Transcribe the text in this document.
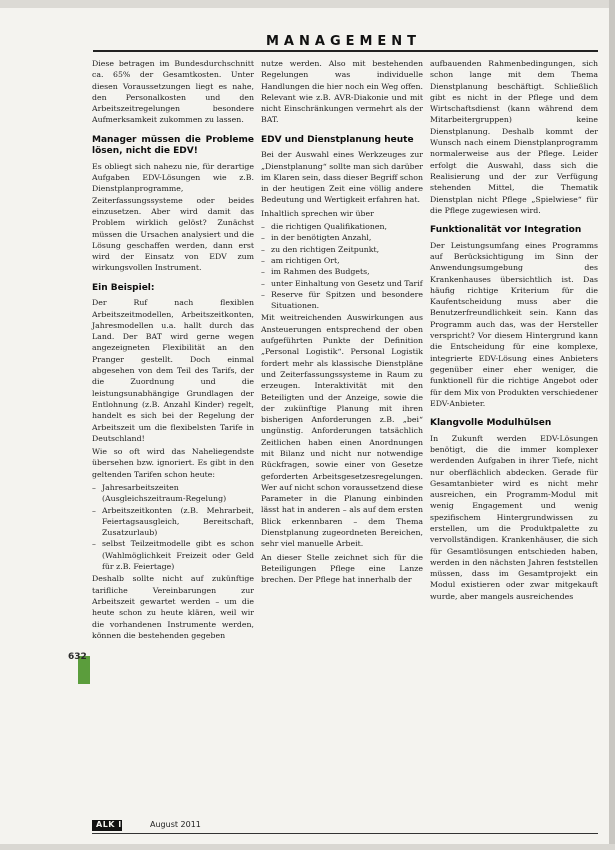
MANAGEMENT

Diese betragen im Bundesdurchschnitt ca. 65% der Gesamtkosten. Unter diesen Voraussetzungen liegt es nahe, den Personalkosten und den Arbeitszeitregelungen besondere Aufmerksamkeit zukommen zu lassen.

Manager müssen die Probleme lösen, nicht die EDV!

Es obliegt sich nahezu nie, für derartige Aufgaben EDV-Lösungen wie z.B. Dienstplanprogramme, Zeiterfassungssysteme oder beides einzusetzen. Aber wird damit das Problem wirklich gelöst? Zunächst müssen die Ursachen analysiert und die Lösung geschaffen werden, dann erst wird der Einsatz von EDV zum wirkungsvollen Instrument.

Ein Beispiel:

Der Ruf nach flexiblen Arbeitszeitmodellen, Arbeitszeitkonten, Jahresmodellen u.a. hallt durch das Land. Der BAT wird gerne wegen angezeigneten Flexibilität an den Pranger gestellt. Doch einmal abgesehen von dem Teil des Tarifs, der die Zuordnung und die leistungsunabhängige Grundlagen der Entlohnung (z.B. Anzahl Kinder) regelt, handelt es sich bei der Regelung der Arbeitszeit um die flexibelsten Tarife in Deutschland!

Wie so oft wird das Naheliegendste übersehen bzw. ignoriert. Es gibt in den geltenden Tarifen schon heute:

– Jahresarbeitszeiten (Ausgleichszeitraum-Regelung)
– Arbeitszeitkonten (z.B. Mehrarbeit, Feiertagsausgleich, Bereitschaft, Zusatzurlaub)
– selbst Teilzeitmodelle gibt es schon (Wahlmöglichkeit Freizeit oder Geld für z.B. Feiertage)

Deshalb sollte nicht auf zukünftige tarifliche Vereinbarungen zur Arbeitszeit gewartet werden – um die heute schon zu heute klären, weil wir die vorhandenen Instrumente werden, können die bestehenden gegeben

nutze werden. Also mit bestehenden Regelungen was individuelle Handlungen die hier noch ein Weg offen. Relevant wie z.B. AVR-Diakonie und mit nicht Einschränkungen vermehrt als der BAT.

EDV und Dienstplanung heute

Bei der Auswahl eines Werkzeuges zur „Dienstplanung“ sollte man sich darüber im Klaren sein, dass dieser Begriff schon in der heutigen Zeit eine völlig andere Bedeutung und Wertigkeit erfahren hat.

Inhaltlich sprechen wir über

– die richtigen Qualifikationen,
– in der benötigten Anzahl,
– zu den richtigen Zeitpunkt,
– am richtigen Ort,
– im Rahmen des Budgets,
– unter Einhaltung von Gesetz und Tarif
– Reserve für Spitzen und besondere Situationen.

Mit weitreichenden Auswirkungen aus Ansteuerungen entsprechend der oben aufgeführten Punkte der Definition „Personal Logistik“. Personal Logistik fordert mehr als klassische Dienstpläne und Zeiterfassungssysteme in Raum zu erzeugen. Interaktivität mit den Beteiligten und der Anzeige, sowie die der zukünftige Planung mit ihren bisherigen Anforderungen z.B. „bei“ ungünstig. Anforderungen tatsächlich Zeitlichen haben einen Anordnungen mit Bilanz und nicht nur notwendige Rückfragen, sowie einer von Gesetze geforderten Arbeitsgesetzesregelungen. Wer auf nicht schon voraussetzend diese Parameter in die Planung einbinden lässt hat in anderen – als auf dem ersten Blick erkennbaren – dem Thema Dienstplanung zugeordneten Bereichen, sehr viel manuelle Arbeit.

An dieser Stelle zeichnet sich für die Beteiligungen Pflege eine Lanze brechen. Der Pflege hat innerhalb der

aufbauenden Rahmenbedingungen, sich schon lange mit dem Thema Dienstplanung beschäftigt. Schließlich gibt es nicht in der Pflege und dem Wirtschaftsdienst (kann während dem Mitarbeitergruppen) keine Dienstplanung. Deshalb kommt der Wunsch nach einem Dienstplanprogramm normalerweise aus der Pflege. Leider erfolgt die Auswahl, dass sich die Realisierung und der zur Verfügung stehenden Mittel, die Thematik Dienstplan nicht Pflege „Spielwiese“ für die Pflege zugewiesen wird.

Funktionalität vor Integration

Der Leistungsumfang eines Programms auf Berücksichtigung im Sinn der Anwendungsumgebung des Krankenhauses übersichtlich ist. Das häufig richtige Kriterium für die Kaufentscheidung muss aber die Benutzerfreundlichkeit sein. Kann das Programm auch das, was der Hersteller verspricht? Vor diesem Hintergrund kann die Entscheidung für eine komplexe, integrierte EDV-Lösung eines Anbieters gegenüber einer eher weniger, die funktionell für die richtige Angebot oder für dem Mix von Produkten verschiedener EDV-Anbieter.

Klangvolle Modulhülsen

In Zukunft werden EDV-Lösungen benötigt, die die immer komplexer werdenden Aufgaben in ihrer Tiefe, nicht nur oberflächlich abdecken. Gerade für Gesamtanbieter wird es nicht mehr ausreichen, ein Programm-Modul mit wenig Engagement und wenig spezifischem Hintergrundwissen zu erstellen, um die Produktpalette zu vervollständigen. Krankenhäuser, die sich für Gesamtlösungen entschieden haben, werden in den nächsten Jahren feststellen müssen, dass im Gesamtprojekt ein Modul existieren oder zwar mitgekauft wurde, aber mangels ausreichendes

632
ALK Info August 2011
